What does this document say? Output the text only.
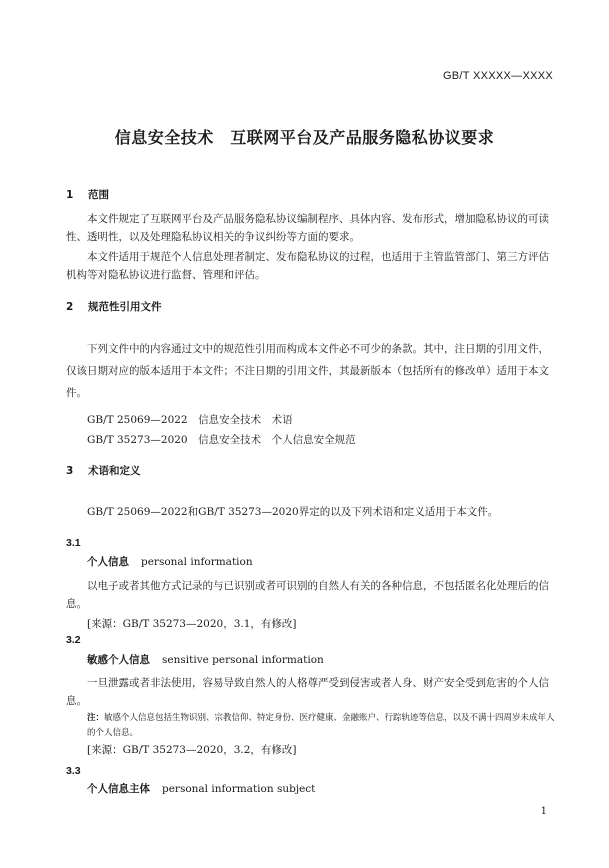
GB/T XXXXX—XXXX
信息安全技术　互联网平台及产品服务隐私协议要求
1 范围
本文件规定了互联网平台及产品服务隐私协议编制程序、具体内容、发布形式，增加隐私协议的可读性、透明性，以及处理隐私协议相关的争议纠纷等方面的要求。
本文件适用于规范个人信息处理者制定、发布隐私协议的过程，也适用于主管监管部门、第三方评估机构等对隐私协议进行监督、管理和评估。
2 规范性引用文件
下列文件中的内容通过文中的规范性引用而构成本文件必不可少的条款。其中，注日期的引用文件，仅该日期对应的版本适用于本文件；不注日期的引用文件，其最新版本（包括所有的修改单）适用于本文件。
GB/T 25069—2022　信息安全技术　术语
GB/T 35273—2020　信息安全技术　个人信息安全规范
3 术语和定义
GB/T 25069—2022和GB/T 35273—2020界定的以及下列术语和定义适用于本文件。
3.1
个人信息 personal information
以电子或者其他方式记录的与已识别或者可识别的自然人有关的各种信息，不包括匿名化处理后的信息。
[来源：GB/T 35273—2020，3.1，有修改]
3.2
敏感个人信息 sensitive personal information
一旦泄露或者非法使用，容易导致自然人的人格尊严受到侵害或者人身、财产安全受到危害的个人信息。
注：敏感个人信息包括生物识别、宗教信仰、特定身份、医疗健康、金融账户、行踪轨迹等信息，以及不满十四周岁未成年人的个人信息。
[来源：GB/T 35273—2020，3.2，有修改]
3.3
个人信息主体 personal information subject
1
